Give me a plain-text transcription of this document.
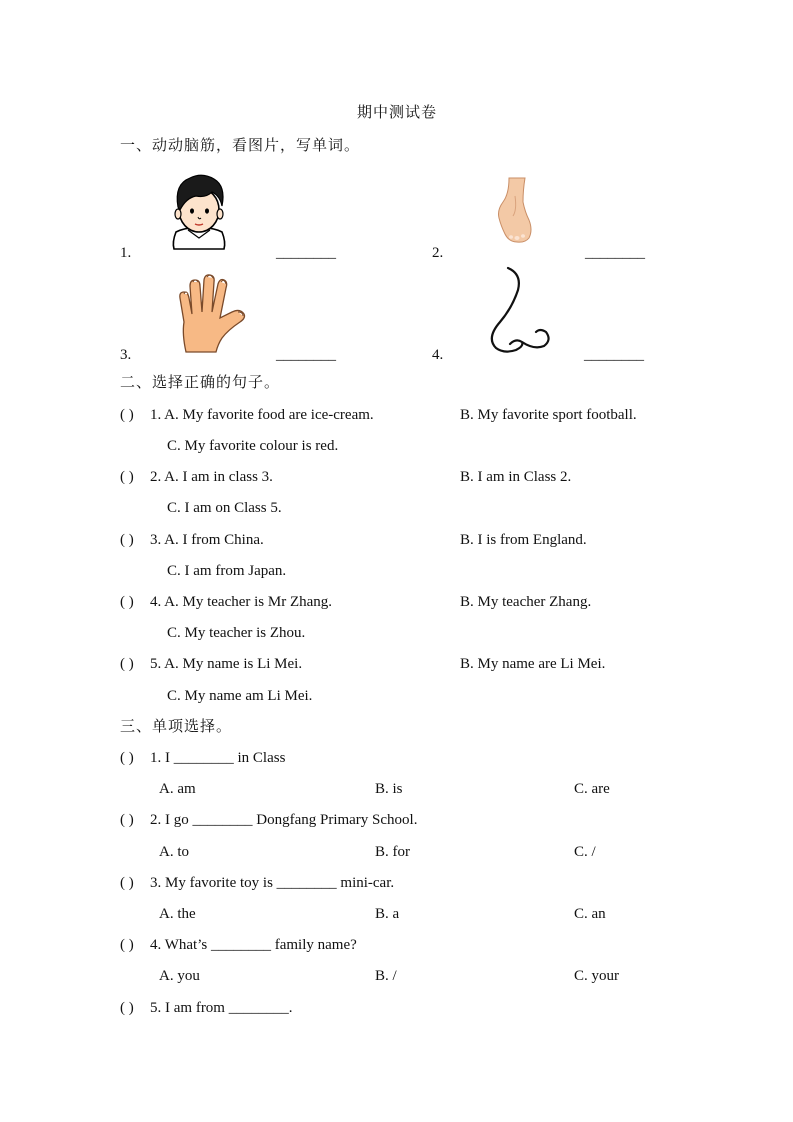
期中测试卷
一、动动脑筋，看图片，写单词。
1.	________	2.	________
3.	________	4.	________
二、选择正确的句子。
( ) 1. A. My favorite food are ice-cream.	B. My favorite sport football.
C. My favorite colour is red.
( ) 2. A. I am in class 3.	B. I am in Class 2.
C. I am on Class 5.
( ) 3. A. I from China.	B. I is from England.
C. I am from Japan.
( ) 4. A. My teacher is Mr Zhang.	B. My teacher Zhang.
C. My teacher is Zhou.
( ) 5. A. My name is Li Mei.	B. My name are Li Mei.
C. My name am Li Mei.
三、单项选择。
( ) 1. I ________ in Class
A. am	B. is	C. are
( ) 2. I go ________ Dongfang Primary School.
A. to	B. for	C. /
( ) 3. My favorite toy is ________ mini-car.
A. the	B. a	C. an
( ) 4. What’s ________ family name?
A. you	B. /	C. your
( ) 5. I am from ________.
